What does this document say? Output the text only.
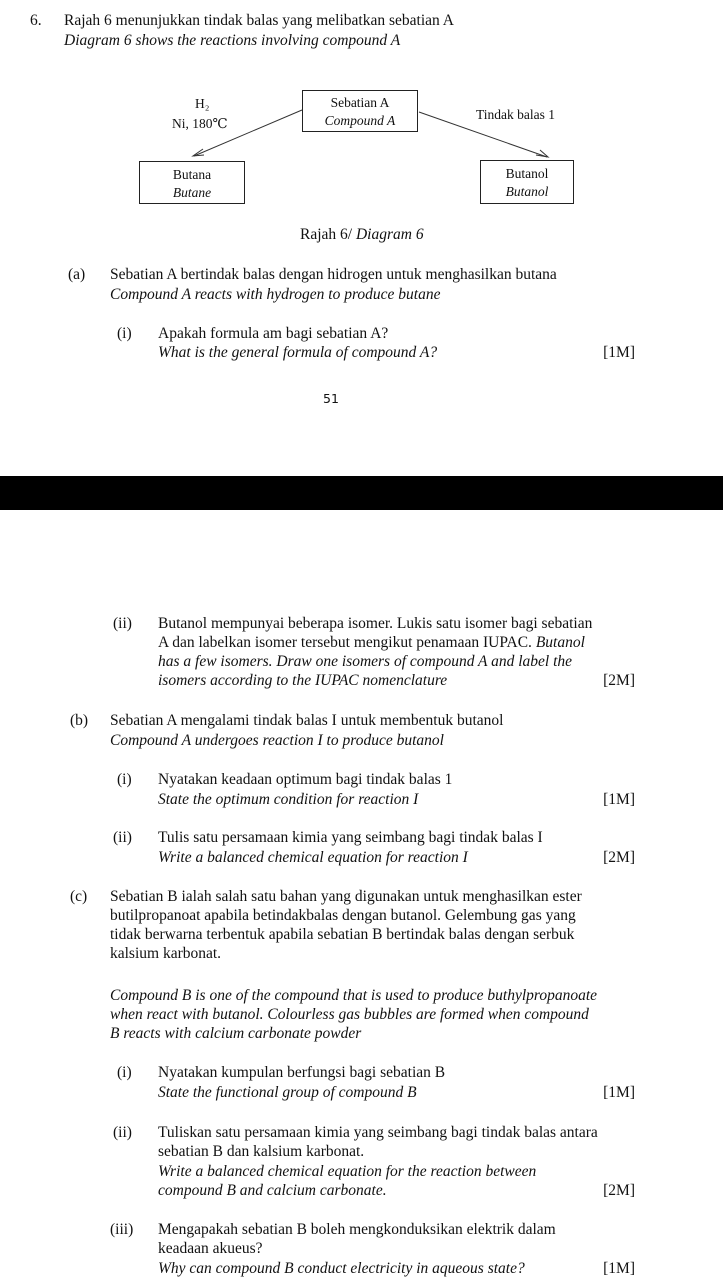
6. Rajah 6 menunjukkan tindak balas yang melibatkan sebatian A
Diagram 6 shows the reactions involving compound A
Sebatian A
Compound A
H₂
Ni, 180℃
Tindak balas 1
Butana
Butane
Butanol
Butanol
Rajah 6/ Diagram 6
(a) Sebatian A bertindak balas dengan hidrogen untuk menghasilkan butana
Compound A reacts with hydrogen to produce butane
(i) Apakah formula am bagi sebatian A?
What is the general formula of compound A?	[1M]
51
(ii) Butanol mempunyai beberapa isomer. Lukis satu isomer bagi sebatian
A dan labelkan isomer tersebut mengikut penamaan IUPAC. Butanol
has a few isomers. Draw one isomers of compound A and label the
isomers according to the IUPAC nomenclature	[2M]
(b) Sebatian A mengalami tindak balas I untuk membentuk butanol
Compound A undergoes reaction I to produce butanol
(i) Nyatakan keadaan optimum bagi tindak balas 1
State the optimum condition for reaction I	[1M]
(ii) Tulis satu persamaan kimia yang seimbang bagi tindak balas I
Write a balanced chemical equation for reaction I	[2M]
(c) Sebatian B ialah salah satu bahan yang digunakan untuk menghasilkan ester
butilpropanoat apabila betindakbalas dengan butanol. Gelembung gas yang
tidak berwarna terbentuk apabila sebatian B bertindak balas dengan serbuk
kalsium karbonat.
Compound B is one of the compound that is used to produce buthylpropanoate
when react with butanol. Colourless gas bubbles are formed when compound
B reacts with calcium carbonate powder
(i) Nyatakan kumpulan berfungsi bagi sebatian B
State the functional group of compound B	[1M]
(ii) Tuliskan satu persamaan kimia yang seimbang bagi tindak balas antara
sebatian B dan kalsium karbonat.
Write a balanced chemical equation for the reaction between
compound B and calcium carbonate.	[2M]
(iii) Mengapakah sebatian B boleh mengkonduksikan elektrik dalam
keadaan akueus?
Why can compound B conduct electricity in aqueous state?	[1M]
